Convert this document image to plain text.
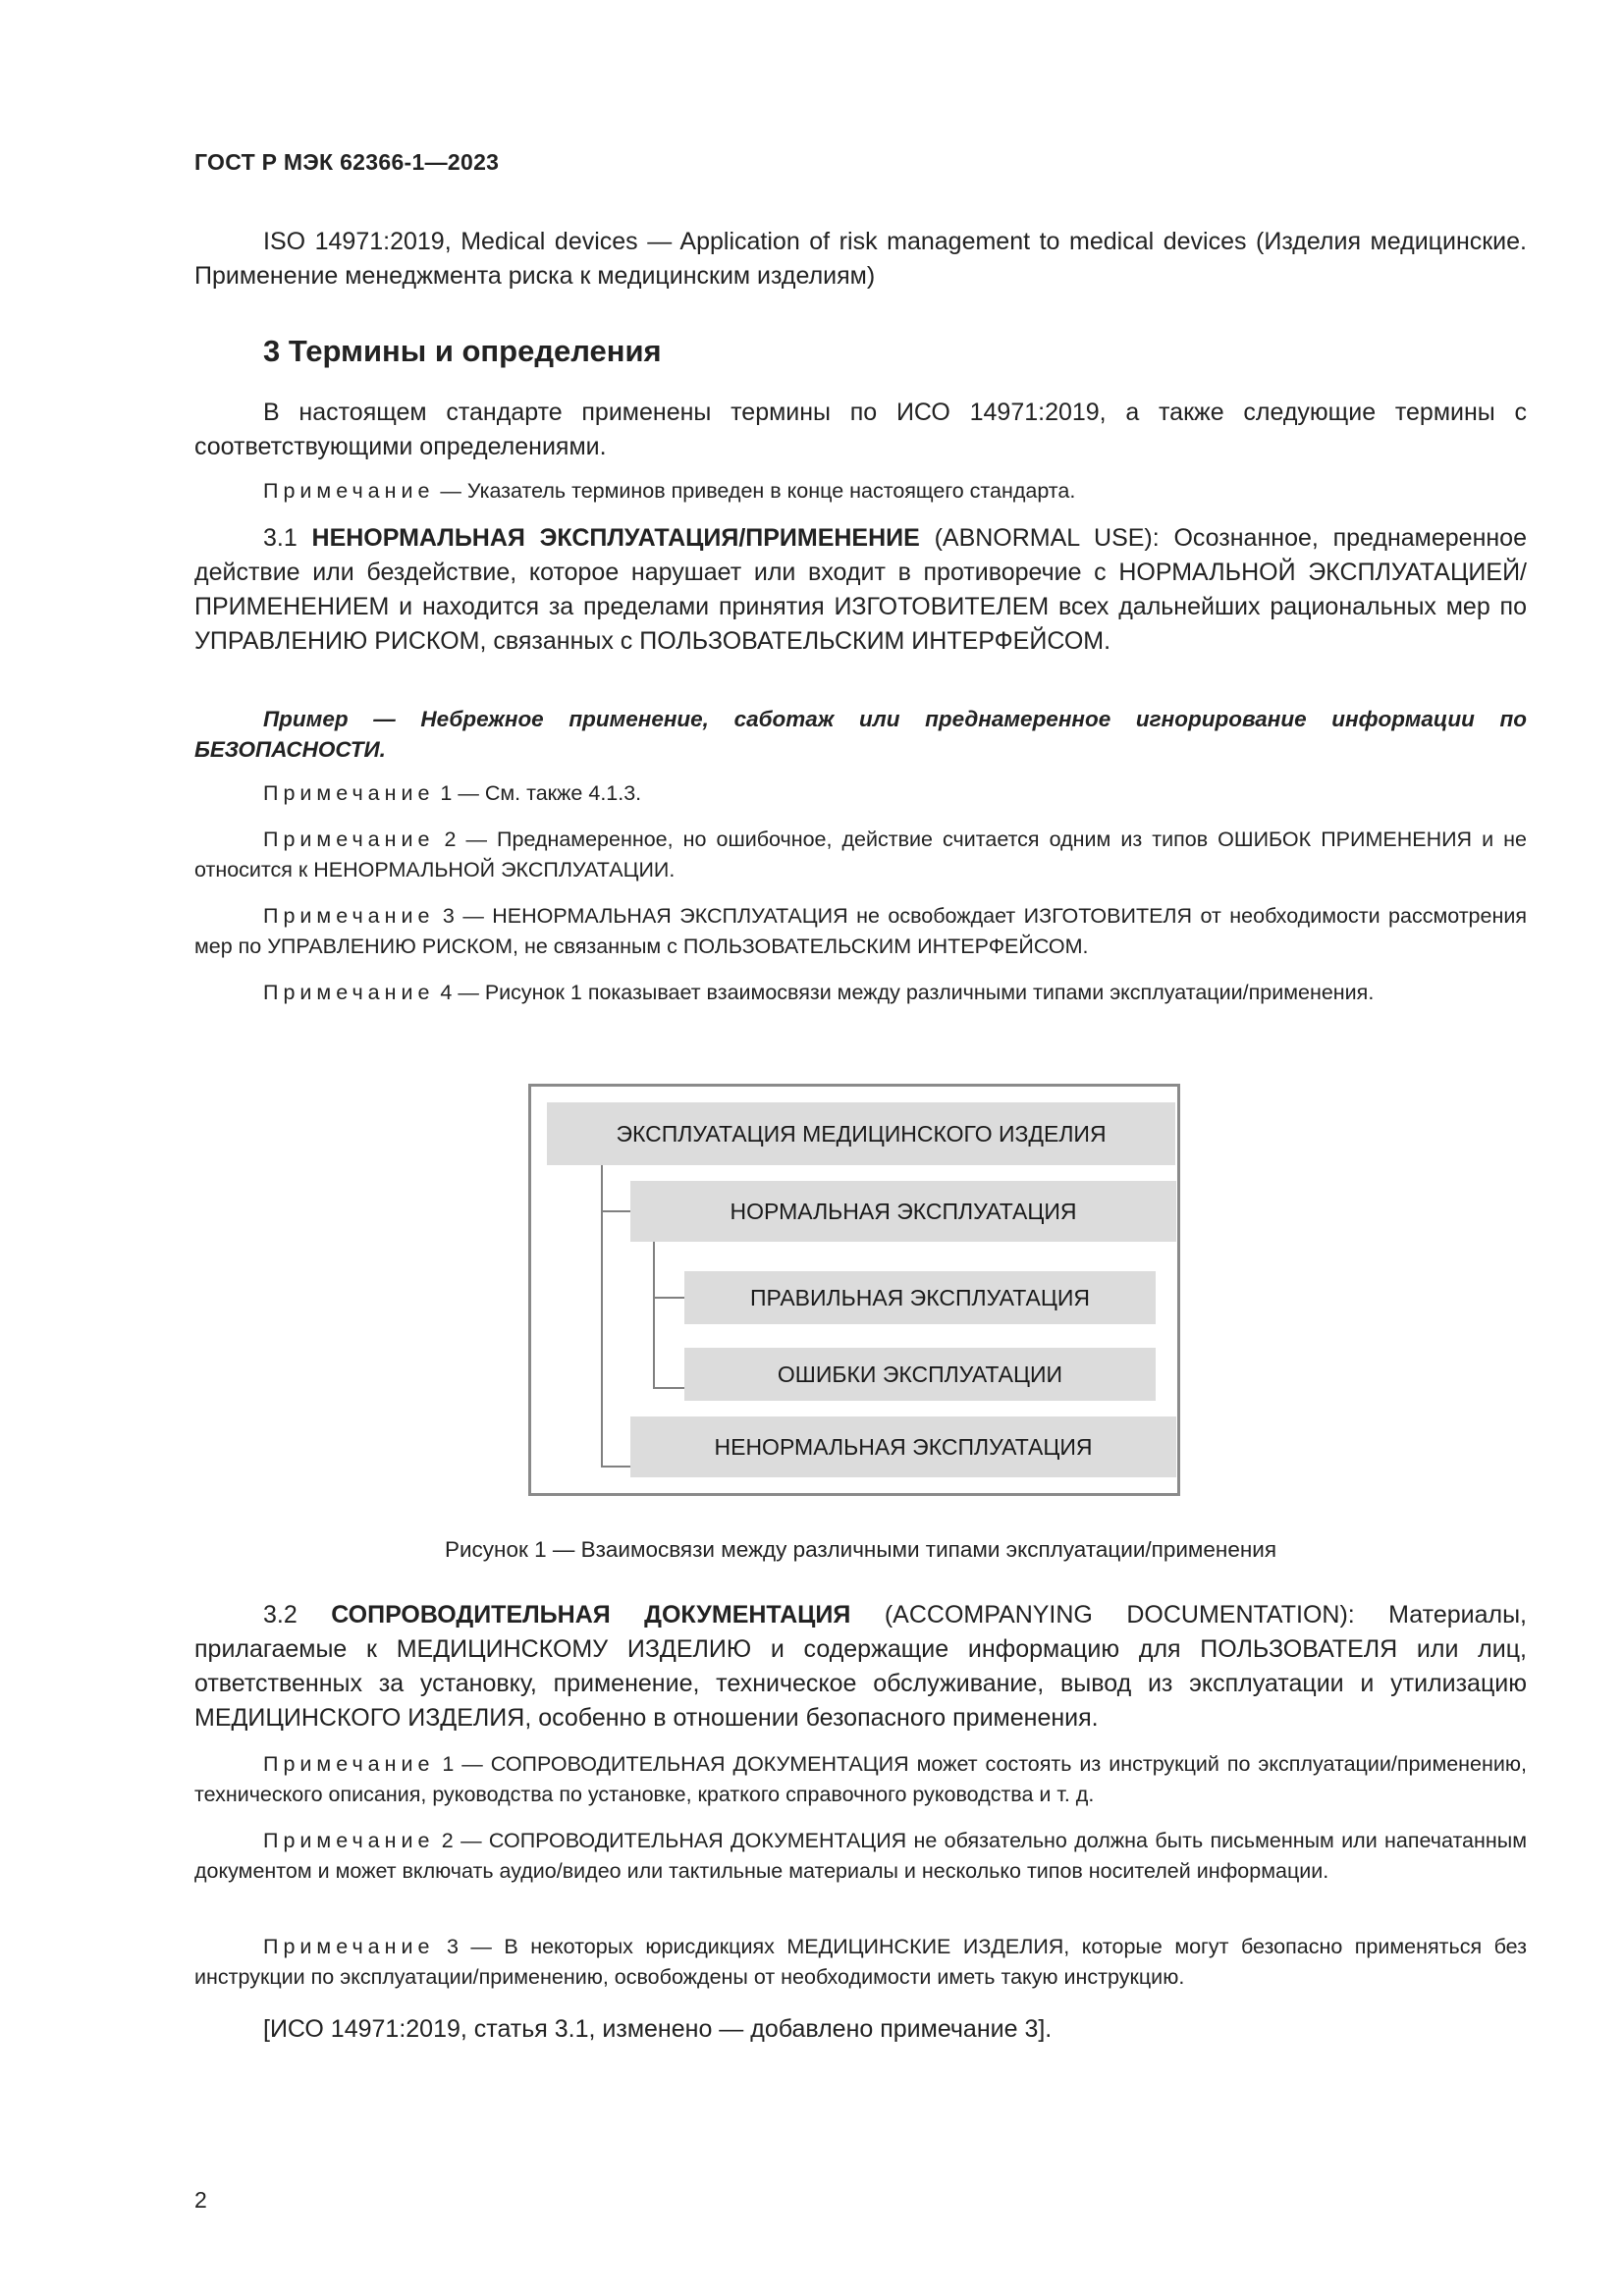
ГОСТ Р МЭК 62366-1—2023
ISO 14971:2019, Medical devices — Application of risk management to medical devices (Изделия медицинские. Применение менеджмента риска к медицинским изделиям)
3 Термины и определения
В настоящем стандарте применены термины по ИСО 14971:2019, а также следующие термины с соответствующими определениями.
Примечание — Указатель терминов приведен в конце настоящего стандарта.
3.1 НЕНОРМАЛЬНАЯ ЭКСПЛУАТАЦИЯ/ПРИМЕНЕНИЕ (ABNORMAL USE): Осознанное, преднамеренное действие или бездействие, которое нарушает или входит в противоречие с НОРМАЛЬНОЙ ЭКСПЛУАТАЦИЕЙ/ПРИМЕНЕНИЕМ и находится за пределами принятия ИЗГОТОВИТЕЛЕМ всех дальнейших рациональных мер по УПРАВЛЕНИЮ РИСКОМ, связанных с ПОЛЬЗОВАТЕЛЬСКИМ ИНТЕРФЕЙСОМ.
Пример — Небрежное применение, саботаж или преднамеренное игнорирование информации по БЕЗОПАСНОСТИ.
Примечание 1 — См. также 4.1.3.
Примечание 2 — Преднамеренное, но ошибочное, действие считается одним из типов ОШИБОК ПРИМЕНЕНИЯ и не относится к НЕНОРМАЛЬНОЙ ЭКСПЛУАТАЦИИ.
Примечание 3 — НЕНОРМАЛЬНАЯ ЭКСПЛУАТАЦИЯ не освобождает ИЗГОТОВИТЕЛЯ от необходимости рассмотрения мер по УПРАВЛЕНИЮ РИСКОМ, не связанным с ПОЛЬЗОВАТЕЛЬСКИМ ИНТЕРФЕЙСОМ.
Примечание 4 — Рисунок 1 показывает взаимосвязи между различными типами эксплуатации/применения.
ЭКСПЛУАТАЦИЯ МЕДИЦИНСКОГО ИЗДЕЛИЯ
НОРМАЛЬНАЯ ЭКСПЛУАТАЦИЯ
ПРАВИЛЬНАЯ ЭКСПЛУАТАЦИЯ
ОШИБКИ ЭКСПЛУАТАЦИИ
НЕНОРМАЛЬНАЯ ЭКСПЛУАТАЦИЯ
Рисунок 1 — Взаимосвязи между различными типами эксплуатации/применения
3.2 СОПРОВОДИТЕЛЬНАЯ ДОКУМЕНТАЦИЯ (ACCOMPANYING DOCUMENTATION): Материалы, прилагаемые к МЕДИЦИНСКОМУ ИЗДЕЛИЮ и содержащие информацию для ПОЛЬЗОВАТЕЛЯ или лиц, ответственных за установку, применение, техническое обслуживание, вывод из эксплуатации и утилизацию МЕДИЦИНСКОГО ИЗДЕЛИЯ, особенно в отношении безопасного применения.
Примечание 1 — СОПРОВОДИТЕЛЬНАЯ ДОКУМЕНТАЦИЯ может состоять из инструкций по эксплуатации/применению, технического описания, руководства по установке, краткого справочного руководства и т. д.
Примечание 2 — СОПРОВОДИТЕЛЬНАЯ ДОКУМЕНТАЦИЯ не обязательно должна быть письменным или напечатанным документом и может включать аудио/видео или тактильные материалы и несколько типов носителей информации.
Примечание 3 — В некоторых юрисдикциях МЕДИЦИНСКИЕ ИЗДЕЛИЯ, которые могут безопасно применяться без инструкции по эксплуатации/применению, освобождены от необходимости иметь такую инструкцию.
[ИСО 14971:2019, статья 3.1, изменено — добавлено примечание 3].
2
